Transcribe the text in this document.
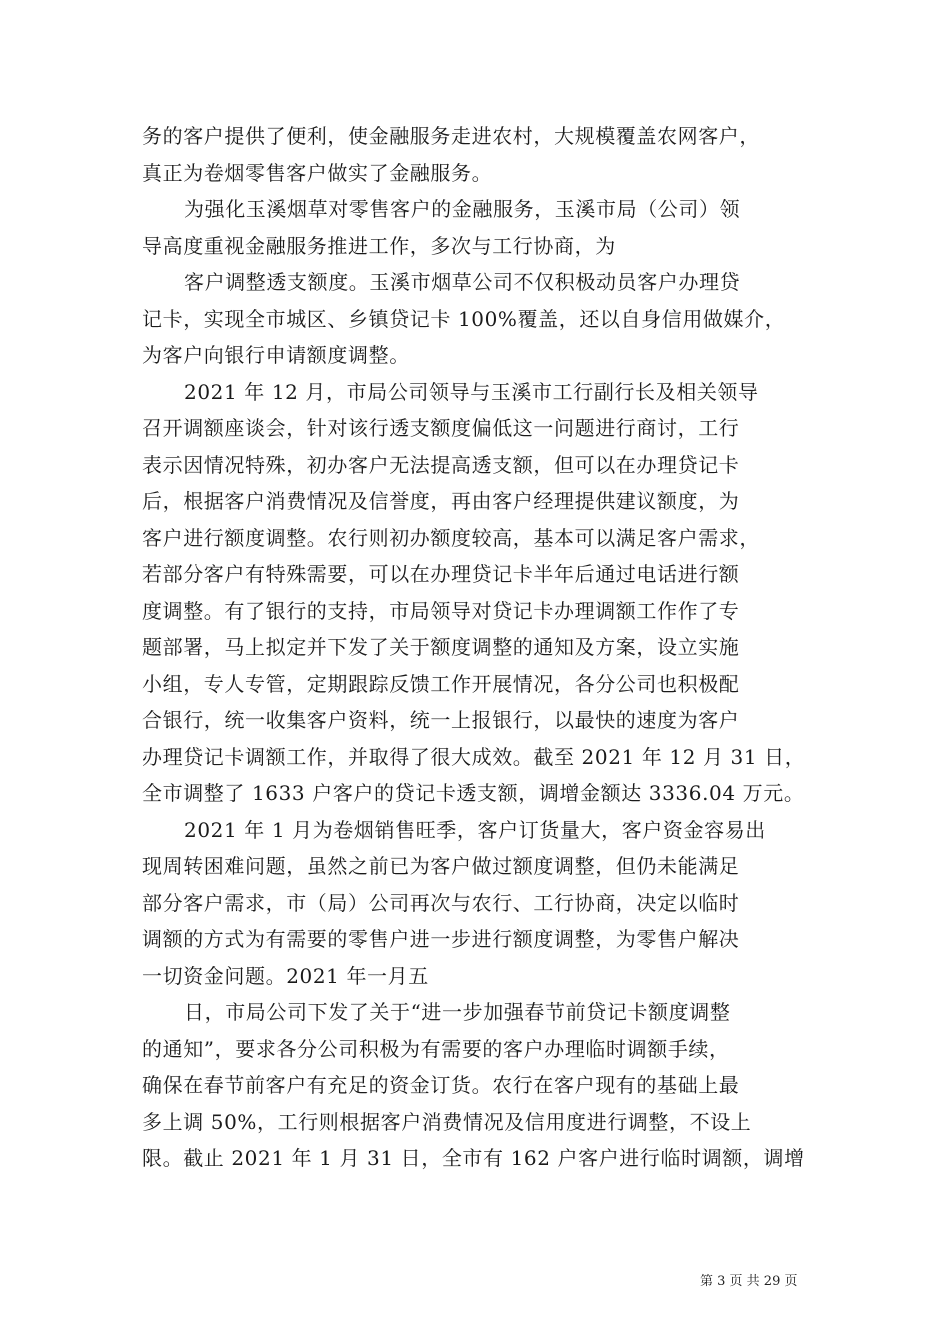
务的客户提供了便利，使金融服务走进农村，大规模覆盖农网客户，
真正为卷烟零售客户做实了金融服务。

为强化玉溪烟草对零售客户的金融服务，玉溪市局（公司）领
导高度重视金融服务推进工作，多次与工行协商，为

客户调整透支额度。玉溪市烟草公司不仅积极动员客户办理贷
记卡，实现全市城区、乡镇贷记卡 100%覆盖，还以自身信用做媒介，
为客户向银行申请额度调整。

2021 年 12 月，市局公司领导与玉溪市工行副行长及相关领导
召开调额座谈会，针对该行透支额度偏低这一问题进行商讨，工行
表示因情况特殊，初办客户无法提高透支额，但可以在办理贷记卡
后，根据客户消费情况及信誉度，再由客户经理提供建议额度，为
客户进行额度调整。农行则初办额度较高，基本可以满足客户需求，
若部分客户有特殊需要，可以在办理贷记卡半年后通过电话进行额
度调整。有了银行的支持，市局领导对贷记卡办理调额工作作了专
题部署，马上拟定并下发了关于额度调整的通知及方案，设立实施
小组，专人专管，定期跟踪反馈工作开展情况，各分公司也积极配
合银行，统一收集客户资料，统一上报银行，以最快的速度为客户
办理贷记卡调额工作，并取得了很大成效。截至 2021 年 12 月 31 日，
全市调整了 1633 户客户的贷记卡透支额，调增金额达 3336.04 万元。

2021 年 1 月为卷烟销售旺季，客户订货量大，客户资金容易出
现周转困难问题，虽然之前已为客户做过额度调整，但仍未能满足
部分客户需求，市（局）公司再次与农行、工行协商，决定以临时
调额的方式为有需要的零售户进一步进行额度调整，为零售户解决
一切资金问题。2021 年一月五

日，市局公司下发了关于“进一步加强春节前贷记卡额度调整
的通知”，要求各分公司积极为有需要的客户办理临时调额手续，
确保在春节前客户有充足的资金订货。农行在客户现有的基础上最
多上调 50%，工行则根据客户消费情况及信用度进行调整，不设上
限。截止 2021 年 1 月 31 日，全市有 162 户客户进行临时调额，调增

第 3 页 共 29 页
